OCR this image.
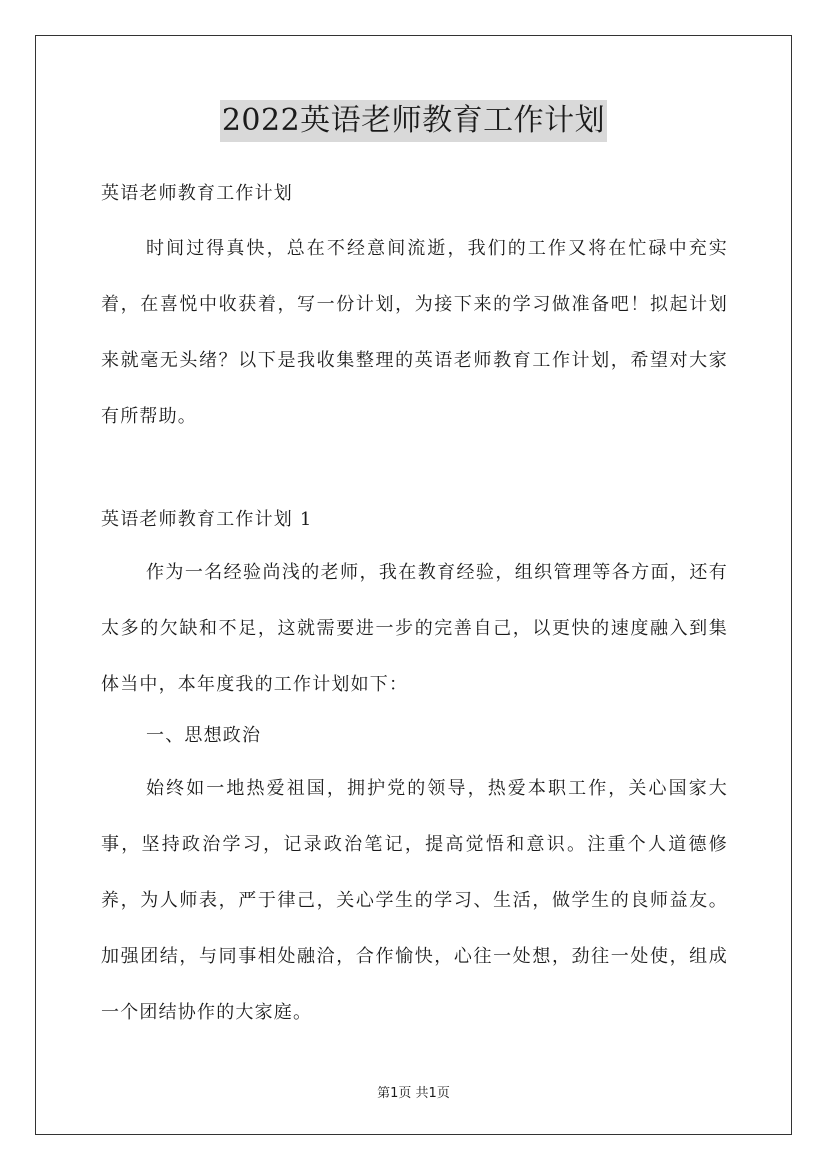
2022英语老师教育工作计划

英语老师教育工作计划

时间过得真快，总在不经意间流逝，我们的工作又将在忙碌中充实着，在喜悦中收获着，写一份计划，为接下来的学习做准备吧！拟起计划来就毫无头绪？以下是我收集整理的英语老师教育工作计划，希望对大家有所帮助。

英语老师教育工作计划 1

作为一名经验尚浅的老师，我在教育经验，组织管理等各方面，还有太多的欠缺和不足，这就需要进一步的完善自己，以更快的速度融入到集体当中，本年度我的工作计划如下：

一、思想政治

始终如一地热爱祖国，拥护党的领导，热爱本职工作，关心国家大事，坚持政治学习，记录政治笔记，提高觉悟和意识。注重个人道德修养，为人师表，严于律己，关心学生的学习、生活，做学生的良师益友。加强团结，与同事相处融洽，合作愉快，心往一处想，劲往一处使，组成一个团结协作的大家庭。

第1页 共1页
